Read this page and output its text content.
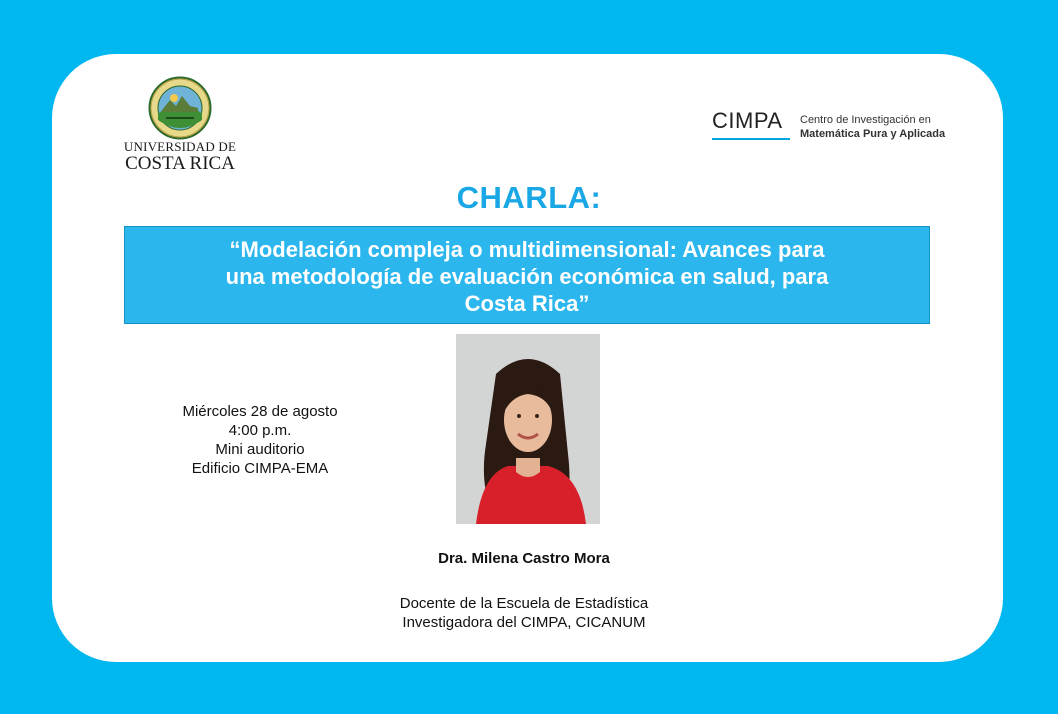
UNIVERSIDAD DE
COSTA RICA
CIMPA Centro de Investigación en
Matemática Pura y Aplicada
CHARLA:
“Modelación compleja o multidimensional: Avances para
una metodología de evaluación económica en salud, para
Costa Rica”
Miércoles 28 de agosto
4:00 p.m.
Mini auditorio
Edificio CIMPA-EMA
Dra. Milena Castro Mora
Docente de la Escuela de Estadística
Investigadora del CIMPA, CICANUM
